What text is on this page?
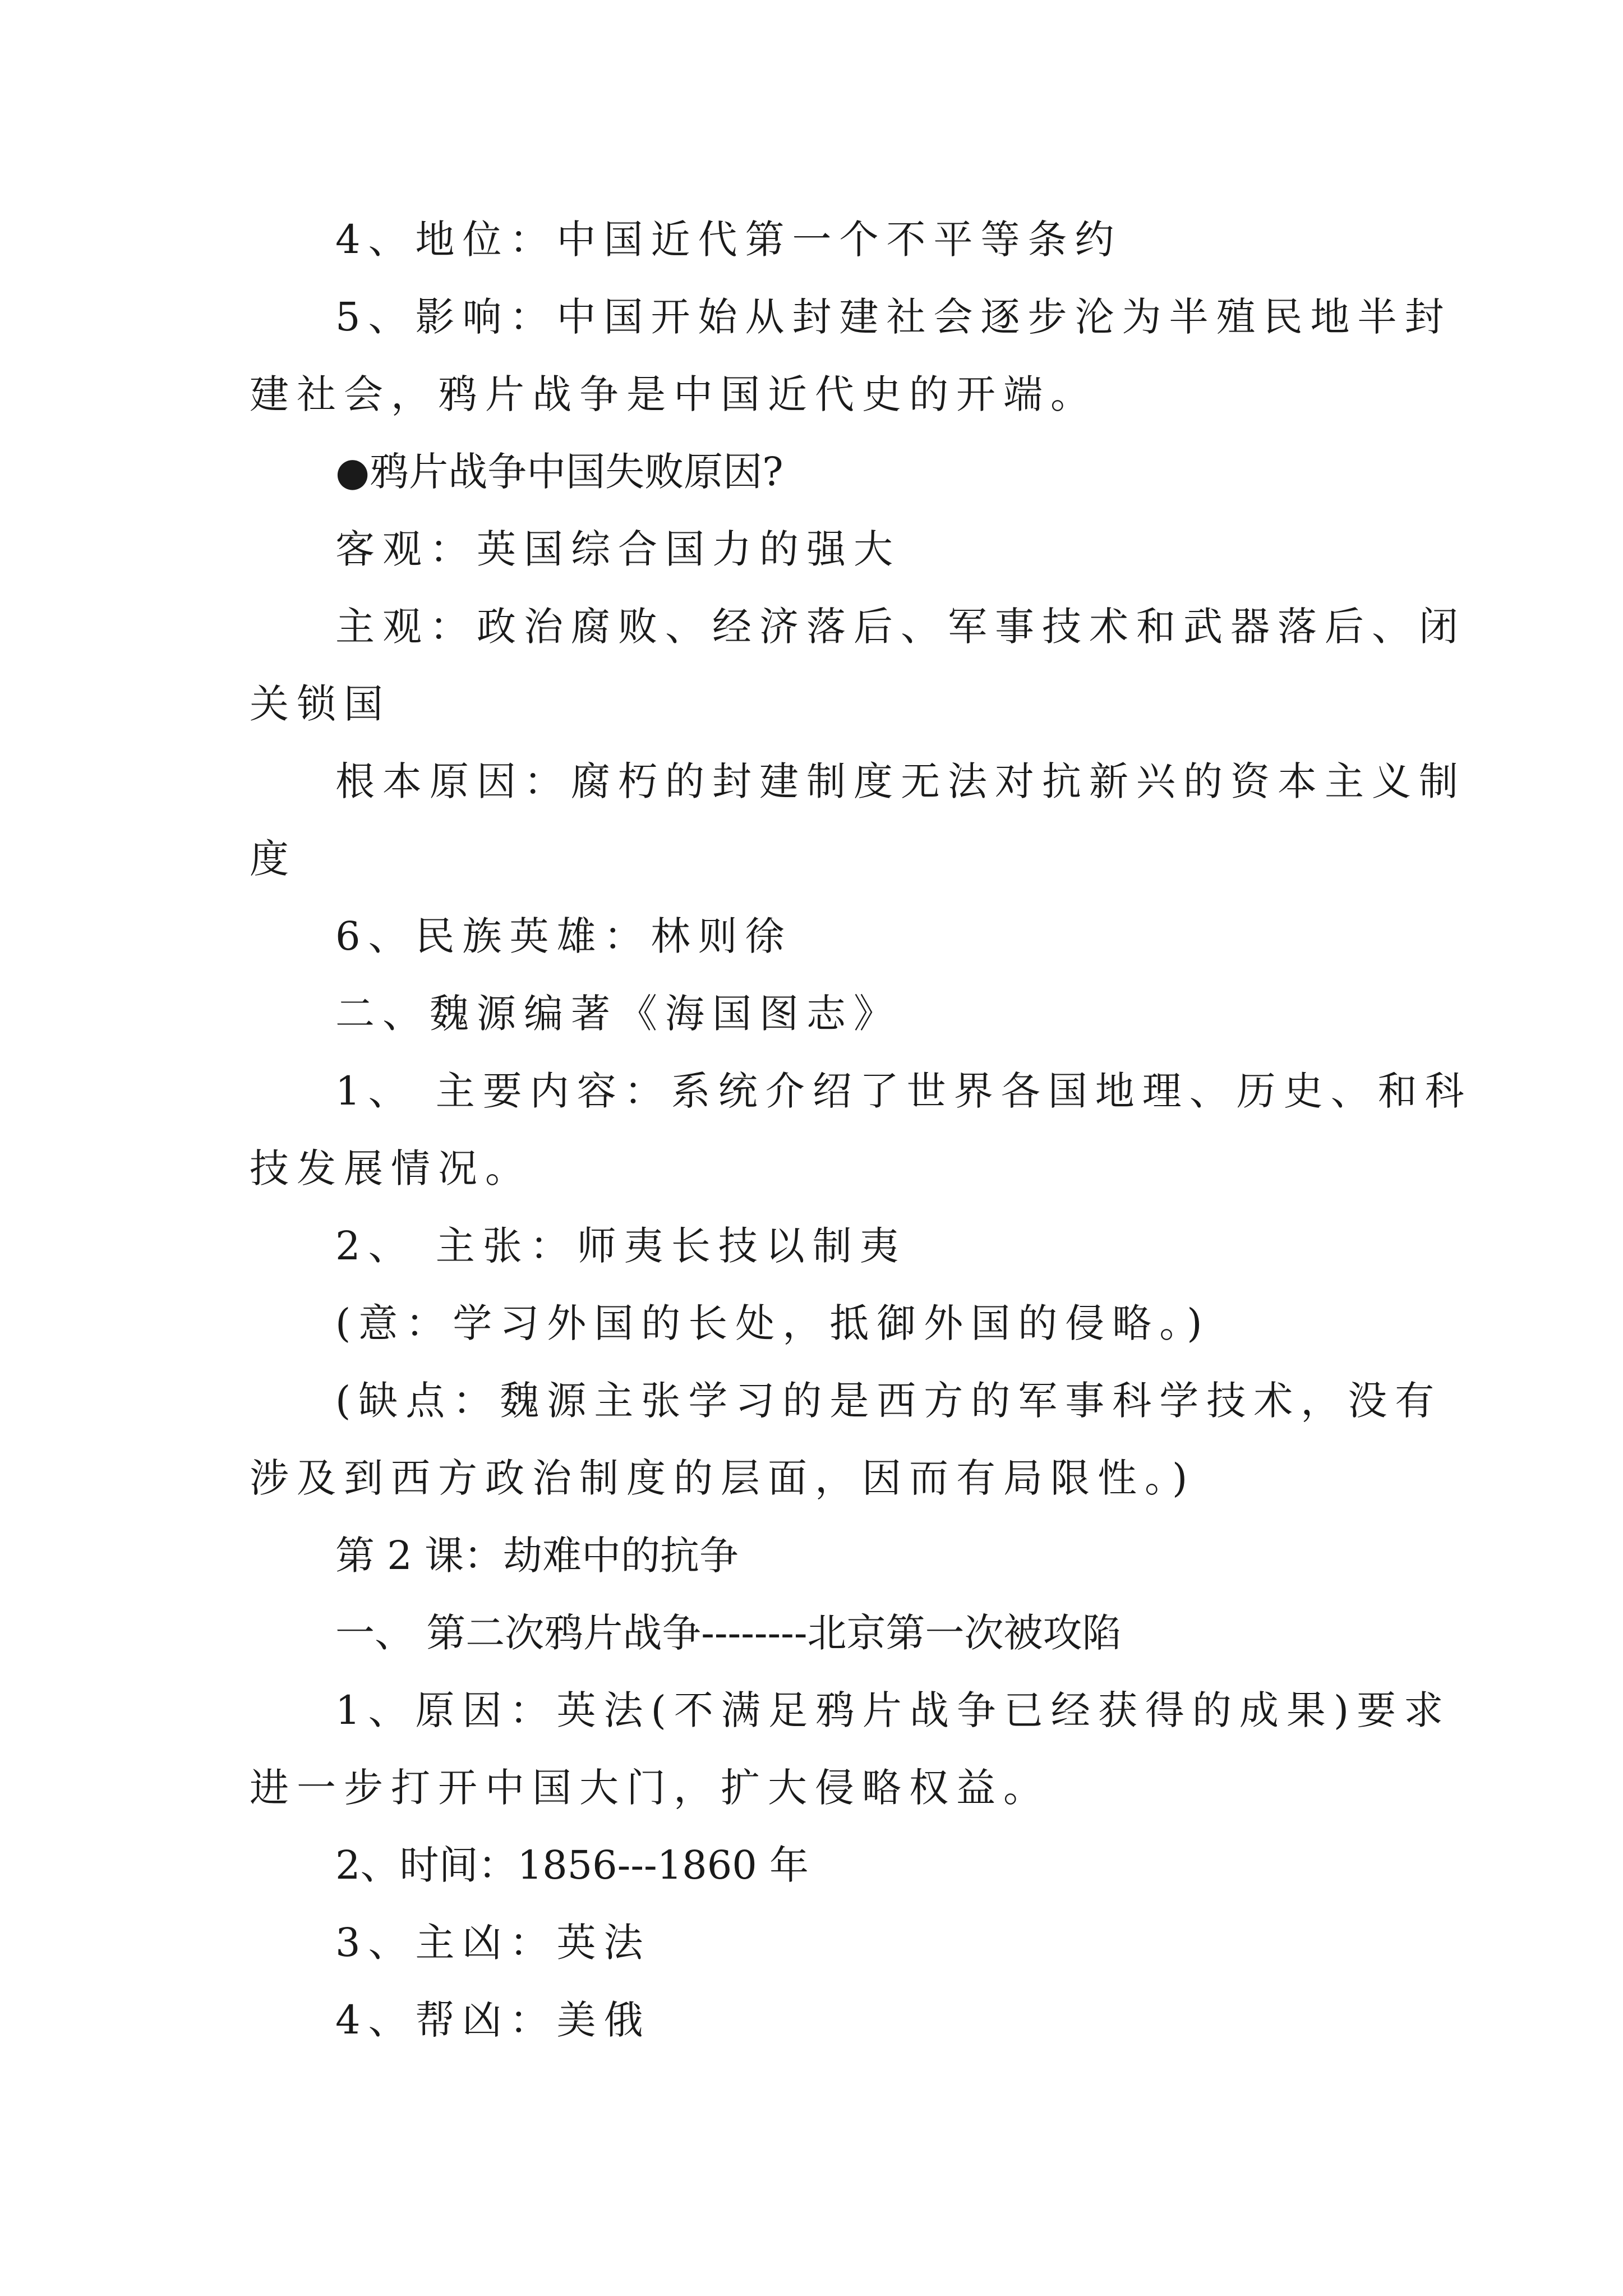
4、地位：中国近代第一个不平等条约
5、影响：中国开始从封建社会逐步沦为半殖民地半封
建社会，鸦片战争是中国近代史的开端。
●鸦片战争中国失败原因?
客观：英国综合国力的强大
主观：政治腐败、经济落后、军事技术和武器落后、闭
关锁国
根本原因：腐朽的封建制度无法对抗新兴的资本主义制
度
6、民族英雄：林则徐
二、魏源编著《海国图志》
1、 主要内容：系统介绍了世界各国地理、历史、和科
技发展情况。
2、 主张：师夷长技以制夷
(意：学习外国的长处，抵御外国的侵略。)
(缺点：魏源主张学习的是西方的军事科学技术，没有
涉及到西方政治制度的层面，因而有局限性。)
第 2 课：劫难中的抗争
一、 第二次鸦片战争--------北京第一次被攻陷
1、原因：英法(不满足鸦片战争已经获得的成果)要求
进一步打开中国大门，扩大侵略权益。
2、时间：1856---1860 年
3、主凶：英法
4、帮凶：美俄
